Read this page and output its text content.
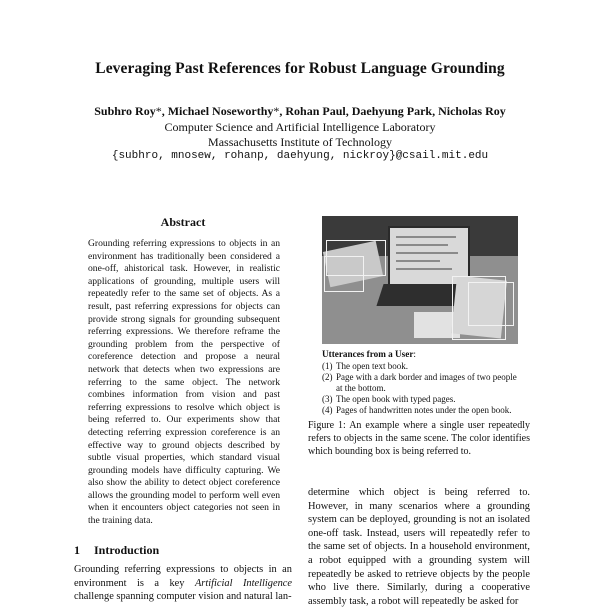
Leveraging Past References for Robust Language Grounding
Subhro Roy*, Michael Noseworthy*, Rohan Paul, Daehyung Park, Nicholas Roy
Computer Science and Artificial Intelligence Laboratory
Massachusetts Institute of Technology
{subhro, mnosew, rohanp, daehyung, nickroy}@csail.mit.edu
Abstract
Grounding referring expressions to objects in an environment has traditionally been considered a one-off, ahistorical task. However, in realistic applications of grounding, multiple users will repeatedly refer to the same set of objects. As a result, past referring expressions for objects can provide strong signals for grounding subsequent referring expressions. We therefore reframe the grounding problem from the perspective of coreference detection and propose a neural network that detects when two expressions are referring to the same object. The network combines information from vision and past referring expressions to resolve which object is being referred to. Our experiments show that detecting referring expression coreference is an effective way to ground objects described by subtle visual properties, which standard visual grounding models have difficulty capturing. We also show the ability to detect object coreference allows the grounding model to perform well even when it encounters object categories not seen in the training data.
1 Introduction
Grounding referring expressions to objects in an environment is a key Artificial Intelligence challenge spanning computer vision and natural lan-
Utterances from a User:
(1) The open text book.
(2) Page with a dark border and images of two people at the bottom.
(3) The open book with typed pages.
(4) Pages of handwritten notes under the open book.
Figure 1: An example where a single user repeatedly refers to objects in the same scene. The color identifies which bounding box is being referred to.
determine which object is being referred to. However, in many scenarios where a grounding system can be deployed, grounding is not an isolated one-off task. Instead, users will repeatedly refer to the same set of objects. In a household environment, a robot equipped with a grounding system will repeatedly be asked to retrieve objects by the people who live there. Similarly, during a cooperative assembly task, a robot will repeatedly be asked for
